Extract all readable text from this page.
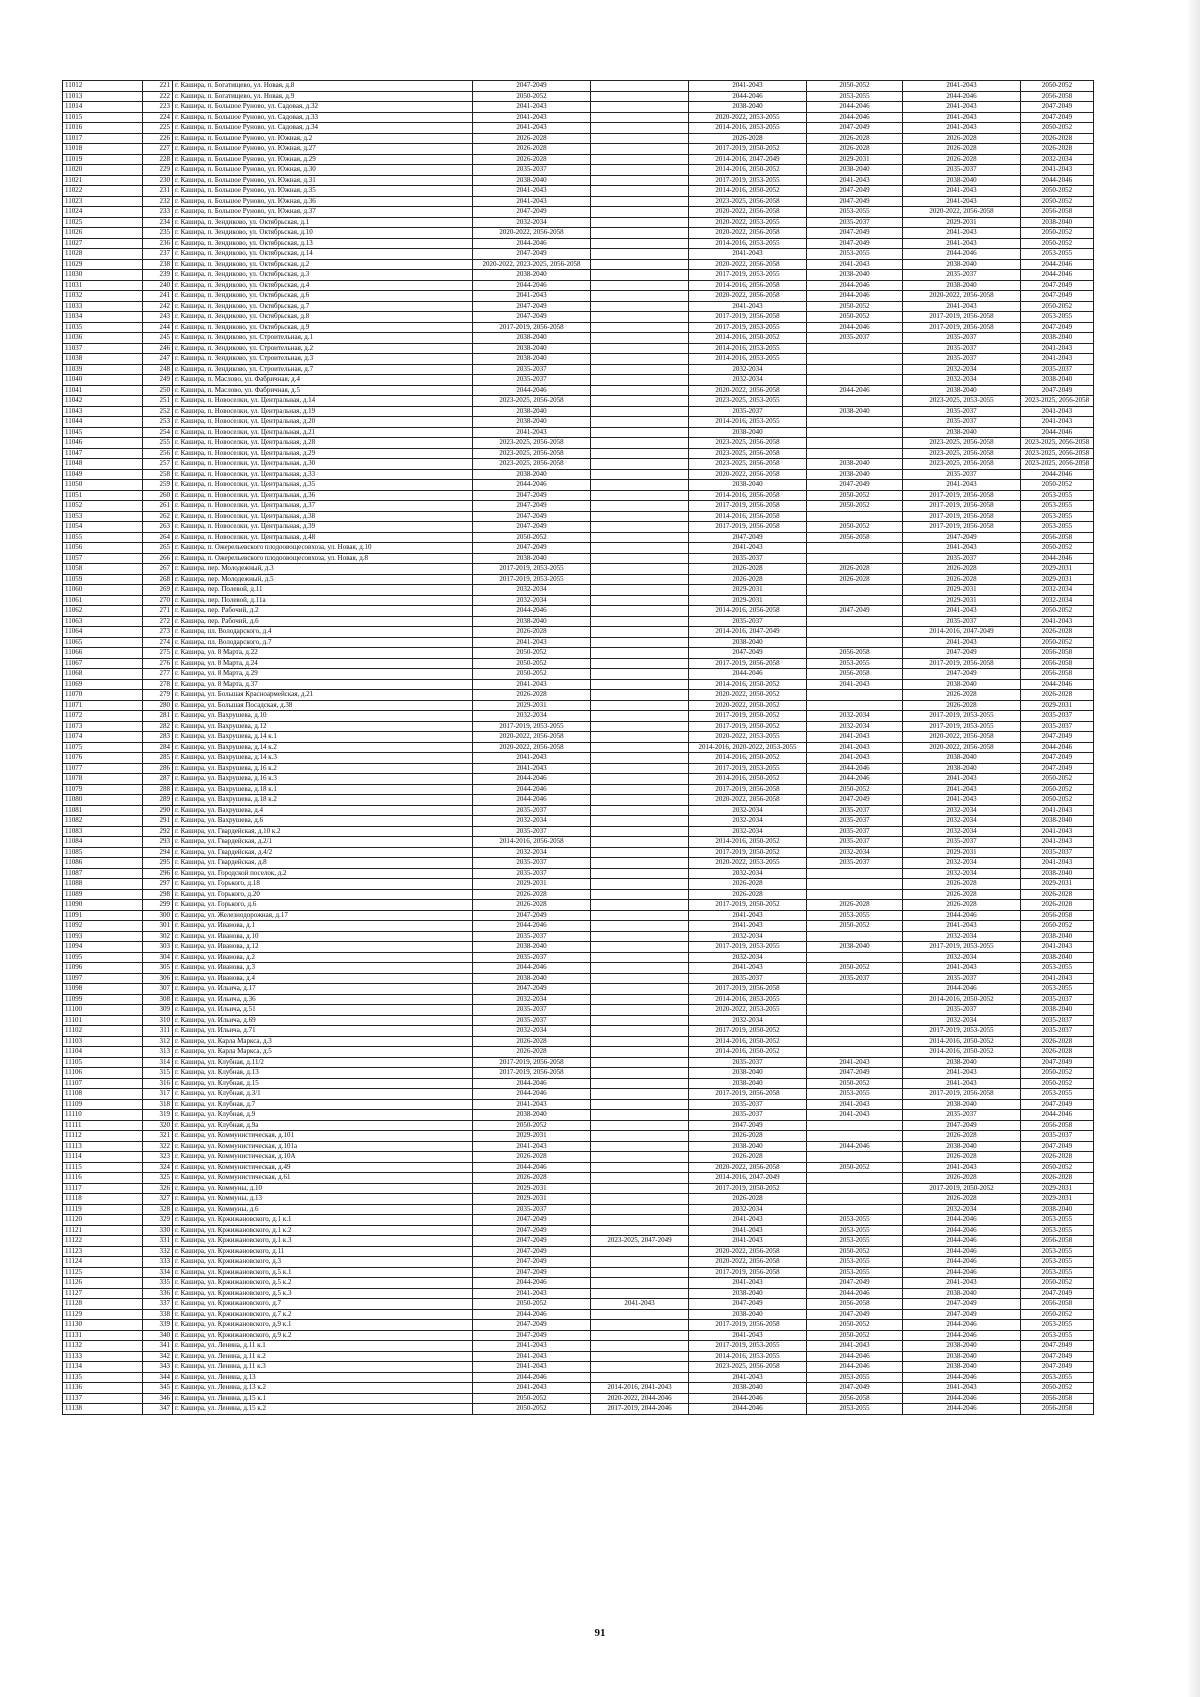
11012	221	г. Кашира, п. Богатищево, ул. Новая, д.8	2047-2049		2041-2043	2050-2052	2041-2043	2050-2052
11013	222	г. Кашира, п. Богатищево, ул. Новая, д.9	2050-2052		2044-2046	2053-2055	2044-2046	2056-2058
11014	223	г. Кашира, п. Большое Руново, ул. Садовая, д.32	2041-2043		2038-2040	2044-2046	2041-2043	2047-2049
11015	224	г. Кашира, п. Большое Руново, ул. Садовая, д.33	2041-2043		2020-2022, 2053-2055	2044-2046	2041-2043	2047-2049
11016	225	г. Кашира, п. Большое Руново, ул. Садовая, д.34	2041-2043		2014-2016, 2053-2055	2047-2049	2041-2043	2050-2052
11017	226	г. Кашира, п. Большое Руново, ул. Южная, д.2	2026-2028		2026-2028	2026-2028	2026-2028	2026-2028
11018	227	г. Кашира, п. Большое Руново, ул. Южная, д.27	2026-2028		2017-2019, 2050-2052	2026-2028	2026-2028	2026-2028
11019	228	г. Кашира, п. Большое Руново, ул. Южная, д.29	2026-2028		2014-2016, 2047-2049	2029-2031	2026-2028	2032-2034
11020	229	г. Кашира, п. Большое Руново, ул. Южная, д.30	2035-2037		2014-2016, 2050-2052	2038-2040	2035-2037	2041-2043
11021	230	г. Кашира, п. Большое Руново, ул. Южная, д.31	2038-2040		2017-2019, 2053-2055	2041-2043	2038-2040	2044-2046
11022	231	г. Кашира, п. Большое Руново, ул. Южная, д.35	2041-2043		2014-2016, 2050-2052	2047-2049	2041-2043	2050-2052
11023	232	г. Кашира, п. Большое Руново, ул. Южная, д.36	2041-2043		2023-2025, 2056-2058	2047-2049	2041-2043	2050-2052
11024	233	г. Кашира, п. Большое Руново, ул. Южная, д.37	2047-2049		2020-2022, 2056-2058	2053-2055	2020-2022, 2056-2058	2056-2058
11025	234	г. Кашира, п. Зендиково, ул. Октябрьская, д.1	2032-2034		2020-2022, 2053-2055	2035-2037	2029-2031	2038-2040
11026	235	г. Кашира, п. Зендиково, ул. Октябрьская, д.10	2020-2022, 2056-2058		2020-2022, 2056-2058	2047-2049	2041-2043	2050-2052
11027	236	г. Кашира, п. Зендиково, ул. Октябрьская, д.13	2044-2046		2014-2016, 2053-2055	2047-2049	2041-2043	2050-2052
11028	237	г. Кашира, п. Зендиково, ул. Октябрьская, д.14	2047-2049		2041-2043	2053-2055	2044-2046	2053-2055
11029	238	г. Кашира, п. Зендиково, ул. Октябрьская, д.2	2020-2022, 2023-2025, 2056-2058		2020-2022, 2056-2058	2041-2043	2038-2040	2044-2046
11030	239	г. Кашира, п. Зендиково, ул. Октябрьская, д.3	2038-2040		2017-2019, 2053-2055	2038-2040	2035-2037	2044-2046
11031	240	г. Кашира, п. Зендиково, ул. Октябрьская, д.4	2044-2046		2014-2016, 2056-2058	2044-2046	2038-2040	2047-2049
11032	241	г. Кашира, п. Зендиково, ул. Октябрьская, д.6	2041-2043		2020-2022, 2056-2058	2044-2046	2020-2022, 2056-2058	2047-2049
11033	242	г. Кашира, п. Зендиково, ул. Октябрьская, д.7	2047-2049		2041-2043	2050-2052	2041-2043	2050-2052
11034	243	г. Кашира, п. Зендиково, ул. Октябрьская, д.8	2047-2049		2017-2019, 2056-2058	2050-2052	2017-2019, 2056-2058	2053-2055
11035	244	г. Кашира, п. Зендиково, ул. Октябрьская, д.9	2017-2019, 2056-2058		2017-2019, 2053-2055	2044-2046	2017-2019, 2056-2058	2047-2049
11036	245	г. Кашира, п. Зендиково, ул. Строительная, д.1	2038-2040		2014-2016, 2050-2052	2035-2037	2035-2037	2038-2040
11037	246	г. Кашира, п. Зендиково, ул. Строительная, д.2	2038-2040		2014-2016, 2053-2055		2035-2037	2041-2043
11038	247	г. Кашира, п. Зендиково, ул. Строительная, д.3	2038-2040		2014-2016, 2053-2055		2035-2037	2041-2043
11039	248	г. Кашира, п. Зендиково, ул. Строительная, д.7	2035-2037		2032-2034		2032-2034	2035-2037
11040	249	г. Кашира, п. Маслово, ул. Фабричная, д.4	2035-2037		2032-2034		2032-2034	2038-2040
11041	250	г. Кашира, п. Маслово, ул. Фабричная, д.5	2044-2046		2020-2022, 2056-2058	2044-2046	2038-2040	2047-2049
11042	251	г. Кашира, п. Новоселки, ул. Центральная, д.14	2023-2025, 2056-2058		2023-2025, 2053-2055		2023-2025, 2053-2055	2023-2025, 2056-2058
11043	252	г. Кашира, п. Новоселки, ул. Центральная, д.19	2038-2040		2035-2037	2038-2040	2035-2037	2041-2043
11044	253	г. Кашира, п. Новоселки, ул. Центральная, д.20	2038-2040		2014-2016, 2053-2055		2035-2037	2041-2043
11045	254	г. Кашира, п. Новоселки, ул. Центральная, д.21	2041-2043		2038-2040		2038-2040	2044-2046
11046	255	г. Кашира, п. Новоселки, ул. Центральная, д.28	2023-2025, 2056-2058		2023-2025, 2056-2058		2023-2025, 2056-2058	2023-2025, 2056-2058
11047	256	г. Кашира, п. Новоселки, ул. Центральная, д.29	2023-2025, 2056-2058		2023-2025, 2056-2058		2023-2025, 2056-2058	2023-2025, 2056-2058
11048	257	г. Кашира, п. Новоселки, ул. Центральная, д.30	2023-2025, 2056-2058		2023-2025, 2056-2058	2038-2040	2023-2025, 2056-2058	2023-2025, 2056-2058
11049	258	г. Кашира, п. Новоселки, ул. Центральная, д.33	2038-2040		2020-2022, 2056-2058	2038-2040	2035-2037	2044-2046
11050	259	г. Кашира, п. Новоселки, ул. Центральная, д.35	2044-2046		2038-2040	2047-2049	2041-2043	2050-2052
11051	260	г. Кашира, п. Новоселки, ул. Центральная, д.36	2047-2049		2014-2016, 2056-2058	2050-2052	2017-2019, 2056-2058	2053-2055
11052	261	г. Кашира, п. Новоселки, ул. Центральная, д.37	2047-2049		2017-2019, 2056-2058	2050-2052	2017-2019, 2056-2058	2053-2055
11053	262	г. Кашира, п. Новоселки, ул. Центральная, д.38	2047-2049		2014-2016, 2056-2058		2017-2019, 2056-2058	2053-2055
11054	263	г. Кашира, п. Новоселки, ул. Центральная, д.39	2047-2049		2017-2019, 2056-2058	2050-2052	2017-2019, 2056-2058	2053-2055
11055	264	г. Кашира, п. Новоселки, ул. Центральная, д.48	2050-2052		2047-2049	2056-2058	2047-2049	2056-2058
11056	265	г. Кашира, п. Ожерельевского плодоовощесовхоза, ул. Новая, д.10	2047-2049		2041-2043		2041-2043	2050-2052
11057	266	г. Кашира, п. Ожерельевского плодоовощесовхоза, ул. Новая, д.8	2038-2040		2035-2037		2035-2037	2044-2046
11058	267	г. Кашира, пер. Молодежный, д.3	2017-2019, 2053-2055		2026-2028	2026-2028	2026-2028	2029-2031
11059	268	г. Кашира, пер. Молодежный, д.5	2017-2019, 2053-2055		2026-2028	2026-2028	2026-2028	2029-2031
11060	269	г. Кашира, пер. Полевой, д.11	2032-2034		2029-2031		2029-2031	2032-2034
11061	270	г. Кашира, пер. Полевой, д.11а	2032-2034		2029-2031		2029-2031	2032-2034
11062	271	г. Кашира, пер. Рабочий, д.2	2044-2046		2014-2016, 2056-2058	2047-2049	2041-2043	2050-2052
11063	272	г. Кашира, пер. Рабочий, д.6	2038-2040		2035-2037		2035-2037	2041-2043
11064	273	г. Кашира, пл. Володарского, д.4	2026-2028		2014-2016, 2047-2049		2014-2016, 2047-2049	2026-2028
11065	274	г. Кашира, пл. Володарского, д.7	2041-2043		2038-2040		2041-2043	2050-2052
11066	275	г. Кашира, ул. 8 Марта, д.22	2050-2052		2047-2049	2056-2058	2047-2049	2056-2058
11067	276	г. Кашира, ул. 8 Марта, д.24	2050-2052		2017-2019, 2056-2058	2053-2055	2017-2019, 2056-2058	2056-2058
11068	277	г. Кашира, ул. 8 Марта, д.29	2050-2052		2044-2046	2056-2058	2047-2049	2056-2058
11069	278	г. Кашира, ул. 8 Марта, д.37	2041-2043		2014-2016, 2050-2052	2041-2043	2038-2040	2044-2046
11070	279	г. Кашира, ул. Большая Красноармейская, д.21	2026-2028		2020-2022, 2050-2052		2026-2028	2026-2028
11071	280	г. Кашира, ул. Большая Посадская, д.38	2029-2031		2020-2022, 2050-2052		2026-2028	2029-2031
11072	281	г. Кашира, ул. Вахрушева, д.10	2032-2034		2017-2019, 2050-2052	2032-2034	2017-2019, 2053-2055	2035-2037
11073	282	г. Кашира, ул. Вахрушева, д.12	2017-2019, 2053-2055		2017-2019, 2050-2052	2032-2034	2017-2019, 2053-2055	2035-2037
11074	283	г. Кашира, ул. Вахрушева, д.14 к.1	2020-2022, 2056-2058		2020-2022, 2053-2055	2041-2043	2020-2022, 2056-2058	2047-2049
11075	284	г. Кашира, ул. Вахрушева, д.14 к.2	2020-2022, 2056-2058		2014-2016, 2020-2022, 2053-2055	2041-2043	2020-2022, 2056-2058	2044-2046
11076	285	г. Кашира, ул. Вахрушева, д.14 к.3	2041-2043		2014-2016, 2050-2052	2041-2043	2038-2040	2047-2049
11077	286	г. Кашира, ул. Вахрушева, д.16 к.2	2041-2043		2017-2019, 2053-2055	2044-2046	2038-2040	2047-2049
11078	287	г. Кашира, ул. Вахрушева, д.16 к.3	2044-2046		2014-2016, 2050-2052	2044-2046	2041-2043	2050-2052
11079	288	г. Кашира, ул. Вахрушева, д.18 к.1	2044-2046		2017-2019, 2056-2058	2050-2052	2041-2043	2050-2052
11080	289	г. Кашира, ул. Вахрушева, д.18 к.2	2044-2046		2020-2022, 2056-2058	2047-2049	2041-2043	2050-2052
11081	290	г. Кашира, ул. Вахрушева, д.4	2035-2037		2032-2034	2035-2037	2032-2034	2041-2043
11082	291	г. Кашира, ул. Вахрушева, д.6	2032-2034		2032-2034	2035-2037	2032-2034	2038-2040
11083	292	г. Кашира, ул. Гвардейская, д.10 к.2	2035-2037		2032-2034	2035-2037	2032-2034	2041-2043
11084	293	г. Кашира, ул. Гвардейская, д.2/1	2014-2016, 2056-2058		2014-2016, 2050-2052	2035-2037	2035-2037	2041-2043
11085	294	г. Кашира, ул. Гвардейская, д.4/2	2032-2034		2017-2019, 2050-2052	2032-2034	2029-2031	2035-2037
11086	295	г. Кашира, ул. Гвардейская, д.8	2035-2037		2020-2022, 2053-2055	2035-2037	2032-2034	2041-2043
11087	296	г. Кашира, ул. Городской поселок, д.2	2035-2037		2032-2034		2032-2034	2038-2040
11088	297	г. Кашира, ул. Горького, д.18	2029-2031		2026-2028		2026-2028	2029-2031
11089	298	г. Кашира, ул. Горького, д.20	2026-2028		2026-2028		2026-2028	2026-2028
11090	299	г. Кашира, ул. Горького, д.6	2026-2028		2017-2019, 2050-2052	2026-2028	2026-2028	2026-2028
11091	300	г. Кашира, ул. Железнодорожная, д.17	2047-2049		2041-2043	2053-2055	2044-2046	2056-2058
11092	301	г. Кашира, ул. Иванова, д.1	2044-2046		2041-2043	2050-2052	2041-2043	2050-2052
11093	302	г. Кашира, ул. Иванова, д.10	2035-2037		2032-2034		2032-2034	2038-2040
11094	303	г. Кашира, ул. Иванова, д.12	2038-2040		2017-2019, 2053-2055	2038-2040	2017-2019, 2053-2055	2041-2043
11095	304	г. Кашира, ул. Иванова, д.2	2035-2037		2032-2034		2032-2034	2038-2040
11096	305	г. Кашира, ул. Иванова, д.3	2044-2046		2041-2043	2050-2052	2041-2043	2053-2055
11097	306	г. Кашира, ул. Иванова, д.4	2038-2040		2035-2037	2035-2037	2035-2037	2041-2043
11098	307	г. Кашира, ул. Ильича, д.17	2047-2049		2017-2019, 2056-2058		2044-2046	2053-2055
11099	308	г. Кашира, ул. Ильича, д.36	2032-2034		2014-2016, 2053-2055		2014-2016, 2050-2052	2035-2037
11100	309	г. Кашира, ул. Ильича, д.51	2035-2037		2020-2022, 2053-2055		2035-2037	2038-2040
11101	310	г. Кашира, ул. Ильича, д.69	2035-2037		2032-2034		2032-2034	2035-2037
11102	311	г. Кашира, ул. Ильича, д.71	2032-2034		2017-2019, 2050-2052		2017-2019, 2053-2055	2035-2037
11103	312	г. Кашира, ул. Карла Маркса, д.3	2026-2028		2014-2016, 2050-2052		2014-2016, 2050-2052	2026-2028
11104	313	г. Кашира, ул. Карла Маркса, д.5	2026-2028		2014-2016, 2050-2052		2014-2016, 2050-2052	2026-2028
11105	314	г. Кашира, ул. Клубная, д.11/2	2017-2019, 2056-2058		2035-2037	2041-2043	2038-2040	2047-2049
11106	315	г. Кашира, ул. Клубная, д.13	2017-2019, 2056-2058		2038-2040	2047-2049	2041-2043	2050-2052
11107	316	г. Кашира, ул. Клубная, д.15	2044-2046		2038-2040	2050-2052	2041-2043	2050-2052
11108	317	г. Кашира, ул. Клубная, д.3/1	2044-2046		2017-2019, 2056-2058	2053-2055	2017-2019, 2056-2058	2053-2055
11109	318	г. Кашира, ул. Клубная, д.7	2041-2043		2035-2037	2041-2043	2038-2040	2047-2049
11110	319	г. Кашира, ул. Клубная, д.9	2038-2040		2035-2037	2041-2043	2035-2037	2044-2046
11111	320	г. Кашира, ул. Клубная, д.9а	2050-2052		2047-2049		2047-2049	2056-2058
11112	321	г. Кашира, ул. Коммунистическая, д.101	2029-2031		2026-2028		2026-2028	2035-2037
11113	322	г. Кашира, ул. Коммунистическая, д.101а	2041-2043		2038-2040	2044-2046	2038-2040	2047-2049
11114	323	г. Кашира, ул. Коммунистическая, д.10А	2026-2028		2026-2028		2026-2028	2026-2028
11115	324	г. Кашира, ул. Коммунистическая, д.49	2044-2046		2020-2022, 2056-2058	2050-2052	2041-2043	2050-2052
11116	325	г. Кашира, ул. Коммунистическая, д.61	2026-2028		2014-2016, 2047-2049		2026-2028	2026-2028
11117	326	г. Кашира, ул. Коммуны, д.10	2029-2031		2017-2019, 2050-2052		2017-2019, 2050-2052	2029-2031
11118	327	г. Кашира, ул. Коммуны, д.13	2029-2031		2026-2028		2026-2028	2029-2031
11119	328	г. Кашира, ул. Коммуны, д.6	2035-2037		2032-2034		2032-2034	2038-2040
11120	329	г. Кашира, ул. Кржижановского, д.1 к.1	2047-2049		2041-2043	2053-2055	2044-2046	2053-2055
11121	330	г. Кашира, ул. Кржижановского, д.1 к.2	2047-2049		2041-2043	2053-2055	2044-2046	2053-2055
11122	331	г. Кашира, ул. Кржижановского, д.1 к.3	2047-2049	2023-2025, 2047-2049	2041-2043	2053-2055	2044-2046	2056-2058
11123	332	г. Кашира, ул. Кржижановского, д.11	2047-2049		2020-2022, 2056-2058	2050-2052	2044-2046	2053-2055
11124	333	г. Кашира, ул. Кржижановского, д.3	2047-2049		2020-2022, 2056-2058	2053-2055	2044-2046	2053-2055
11125	334	г. Кашира, ул. Кржижановского, д.5 к.1	2047-2049		2017-2019, 2056-2058	2053-2055	2044-2046	2053-2055
11126	335	г. Кашира, ул. Кржижановского, д.5 к.2	2044-2046		2041-2043	2047-2049	2041-2043	2050-2052
11127	336	г. Кашира, ул. Кржижановского, д.5 к.3	2041-2043		2038-2040	2044-2046	2038-2040	2047-2049
11128	337	г. Кашира, ул. Кржижановского, д.7	2050-2052	2041-2043	2047-2049	2056-2058	2047-2049	2056-2058
11129	338	г. Кашира, ул. Кржижановского, д.7 к.2	2044-2046		2038-2040	2047-2049	2047-2049	2050-2052
11130	339	г. Кашира, ул. Кржижановского, д.9 к.1	2047-2049		2017-2019, 2056-2058	2050-2052	2044-2046	2053-2055
11131	340	г. Кашира, ул. Кржижановского, д.9 к.2	2047-2049		2041-2043	2050-2052	2044-2046	2053-2055
11132	341	г. Кашира, ул. Ленина, д.11 к.1	2041-2043		2017-2019, 2053-2055	2041-2043	2038-2040	2047-2049
11133	342	г. Кашира, ул. Ленина, д.11 к.2	2041-2043		2014-2016, 2053-2055	2044-2046	2038-2040	2047-2049
11134	343	г. Кашира, ул. Ленина, д.11 к.3	2041-2043		2023-2025, 2056-2058	2044-2046	2038-2040	2047-2049
11135	344	г. Кашира, ул. Ленина, д.13	2044-2046		2041-2043	2053-2055	2044-2046	2053-2055
11136	345	г. Кашира, ул. Ленина, д.13 к.2	2041-2043	2014-2016, 2041-2043	2038-2040	2047-2049	2041-2043	2050-2052
11137	346	г. Кашира, ул. Ленина, д.15 к.1	2050-2052	2020-2022, 2044-2046	2044-2046	2056-2058	2044-2046	2056-2058
11138	347	г. Кашира, ул. Ленина, д.15 к.2	2050-2052	2017-2019, 2044-2046	2044-2046	2053-2055	2044-2046	2056-2058
91
